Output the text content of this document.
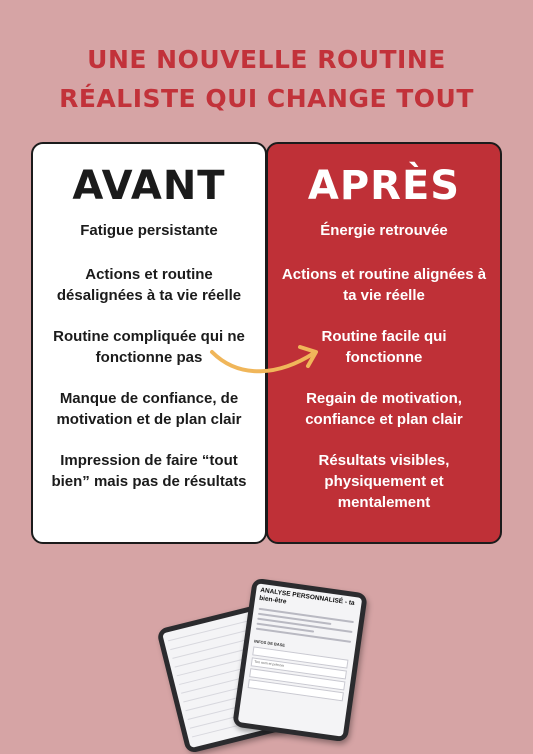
UNE NOUVELLE ROUTINE
RÉALISTE QUI CHANGE TOUT
AVANT
Fatigue persistante
Actions et routine désalignées à ta vie réelle
Routine compliquée qui ne fonctionne pas
Manque de confiance, de motivation et de plan clair
Impression de faire “tout bien” mais pas de résultats
APRÈS
Énergie retrouvée
Actions et routine alignées à ta vie réelle
Routine facile qui fonctionne
Regain de motivation, confiance et plan clair
Résultats visibles, physiquement et mentalement
ANALYSE PERSONNALISÉ - ta bien-être
INFOS DE BASE
Ton nom et prénom
